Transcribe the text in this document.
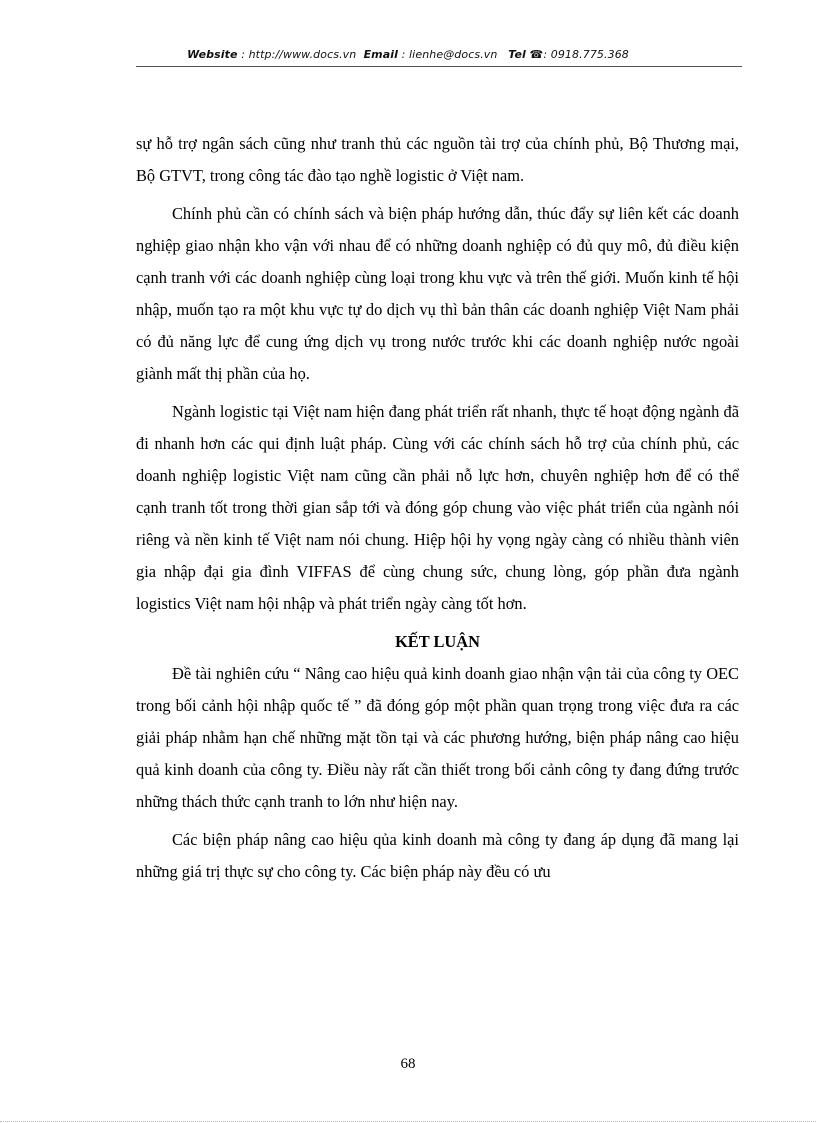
Website : http://www.docs.vn Email : lienhe@docs.vn Tel ☎: 0918.775.368

sự hỗ trợ ngân sách cũng như tranh thủ các nguồn tài trợ của chính phủ, Bộ Thương mại, Bộ GTVT, trong công tác đào tạo nghề logistic ở Việt nam.

Chính phủ cần có chính sách và biện pháp hướng dẫn, thúc đẩy sự liên kết các doanh nghiệp giao nhận kho vận với nhau để có những doanh nghiệp có đủ quy mô, đủ điều kiện cạnh tranh với các doanh nghiệp cùng loại trong khu vực và trên thế giới. Muốn kinh tế hội nhập, muốn tạo ra một khu vực tự do dịch vụ thì bản thân các doanh nghiệp Việt Nam phải có đủ năng lực để cung ứng dịch vụ trong nước trước khi các doanh nghiệp nước ngoài giành mất thị phần của họ.

Ngành logistic tại Việt nam hiện đang phát triển rất nhanh, thực tế hoạt động ngành đã đi nhanh hơn các qui định luật pháp. Cùng với các chính sách hỗ trợ của chính phủ, các doanh nghiệp logistic Việt nam cũng cần phải nỗ lực hơn, chuyên nghiệp hơn để có thể cạnh tranh tốt trong thời gian sắp tới và đóng góp chung vào việc phát triển của ngành nói riêng và nền kinh tế Việt nam nói chung. Hiệp hội hy vọng ngày càng có nhiều thành viên gia nhập đại gia đình VIFFAS để cùng chung sức, chung lòng, góp phần đưa ngành logistics Việt nam hội nhập và phát triển ngày càng tốt hơn.

KẾT LUẬN

Đề tài nghiên cứu “ Nâng cao hiệu quả kinh doanh giao nhận vận tải của công ty OEC trong bối cảnh hội nhập quốc tế ” đã đóng góp một phần quan trọng trong việc đưa ra các giải pháp nhằm hạn chế những mặt tồn tại và các phương hướng, biện pháp nâng cao hiệu quả kinh doanh của công ty. Điều này rất cần thiết trong bối cảnh công ty đang đứng trước những thách thức cạnh tranh to lớn như hiện nay.

Các biện pháp nâng cao hiệu qủa kinh doanh mà công ty đang áp dụng đã mang lại những giá trị thực sự cho công ty. Các biện pháp này đều có ưu

68
